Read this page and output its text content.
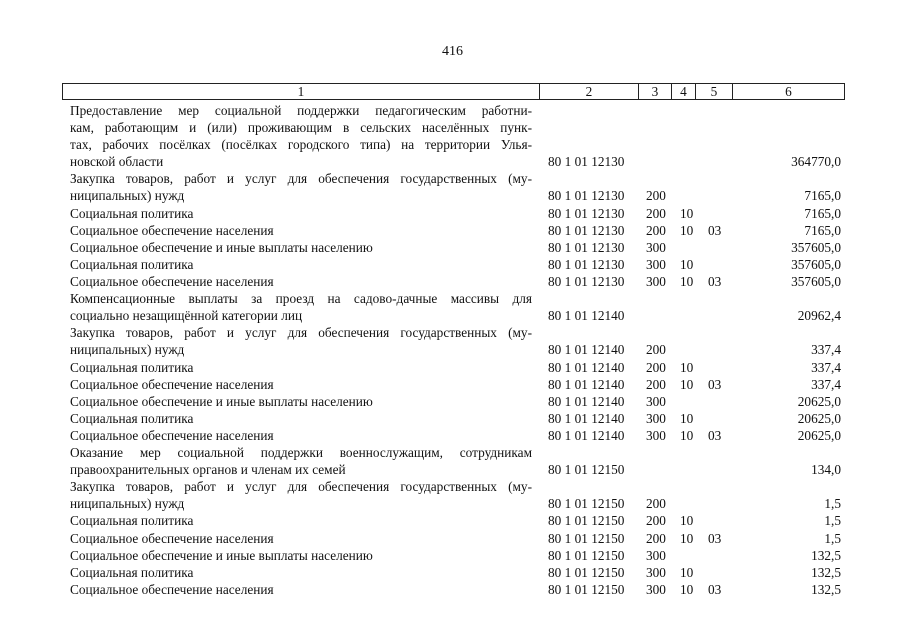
416
1	2	3	4	5	6
Предоставление мер социальной поддержки педагогическим работни-
кам, работающим и (или) проживающим в сельских населённых пунк-
тах, рабочих посёлках (посёлках городского типа) на территории Улья-
новской области	80 1 01 12130	364770,0
Закупка товаров, работ и услуг для обеспечения государственных (му-
ниципальных) нужд	80 1 01 12130 200	7165,0
Социальная политика	80 1 01 12130 200 10	7165,0
Социальное обеспечение населения	80 1 01 12130 200 10 03	7165,0
Социальное обеспечение и иные выплаты населению	80 1 01 12130 300	357605,0
Социальная политика	80 1 01 12130 300 10	357605,0
Социальное обеспечение населения	80 1 01 12130 300 10 03	357605,0
Компенсационные выплаты за проезд на садово-дачные массивы для
социально незащищённой категории лиц	80 1 01 12140	20962,4
Закупка товаров, работ и услуг для обеспечения государственных (му-
ниципальных) нужд	80 1 01 12140 200	337,4
Социальная политика	80 1 01 12140 200 10	337,4
Социальное обеспечение населения	80 1 01 12140 200 10 03	337,4
Социальное обеспечение и иные выплаты населению	80 1 01 12140 300	20625,0
Социальная политика	80 1 01 12140 300 10	20625,0
Социальное обеспечение населения	80 1 01 12140 300 10 03	20625,0
Оказание мер социальной поддержки военнослужащим, сотрудникам
правоохранительных органов и членам их семей	80 1 01 12150	134,0
Закупка товаров, работ и услуг для обеспечения государственных (му-
ниципальных) нужд	80 1 01 12150 200	1,5
Социальная политика	80 1 01 12150 200 10	1,5
Социальное обеспечение населения	80 1 01 12150 200 10 03	1,5
Социальное обеспечение и иные выплаты населению	80 1 01 12150 300	132,5
Социальная политика	80 1 01 12150 300 10	132,5
Социальное обеспечение населения	80 1 01 12150 300 10 03	132,5
